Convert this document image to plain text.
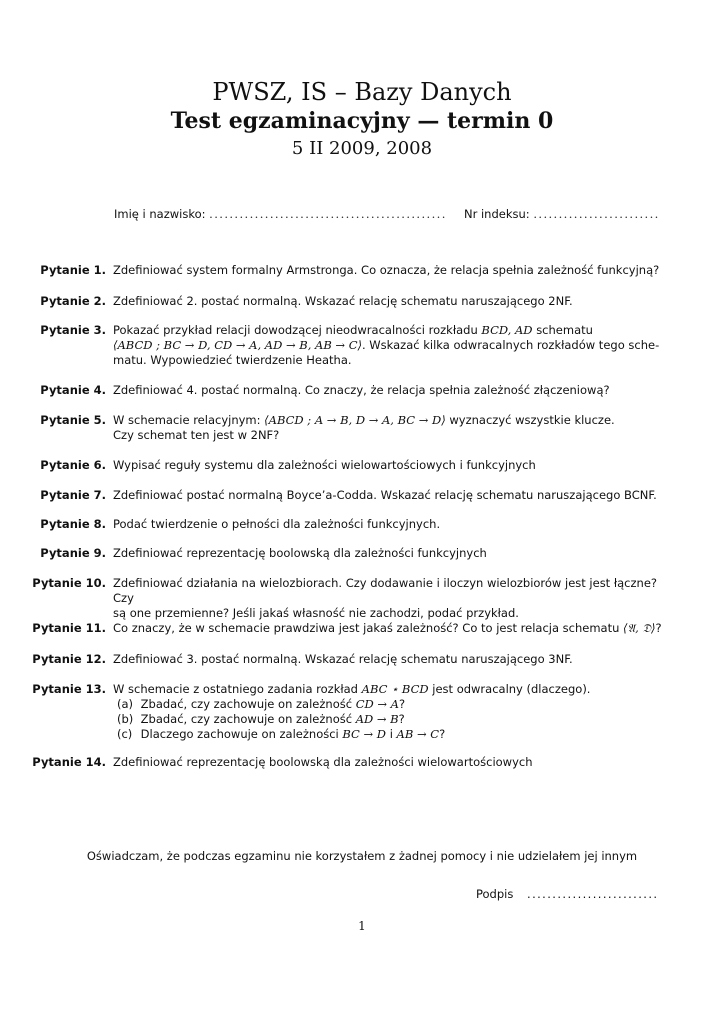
PWSZ, IS – Bazy Danych
Test egzaminacyjny — termin 0
5 II 2009, 2008
Imię i nazwisko: ............................................... Nr indeksu: .........................
Pytanie 1. Zdefiniować system formalny Armstronga. Co oznacza, że relacja spełnia zależność funkcyjną?
Pytanie 2. Zdefiniować 2. postać normalną. Wskazać relację schematu naruszającego 2NF.
Pytanie 3. Pokazać przykład relacji dowodzącej nieodwracalności rozkładu BCD, AD schematu
⟨ABCD ; BC → D, CD → A, AD → B, AB → C⟩. Wskazać kilka odwracalnych rozkładów tego sche-
matu. Wypowiedzieć twierdzenie Heatha.
Pytanie 4. Zdefiniować 4. postać normalną. Co znaczy, że relacja spełnia zależność złączeniową?
Pytanie 5. W schemacie relacyjnym: ⟨ABCD ; A → B, D → A, BC → D⟩ wyznaczyć wszystkie klucze.
Czy schemat ten jest w 2NF?
Pytanie 6. Wypisać reguły systemu dla zależności wielowartościowych i funkcyjnych
Pytanie 7. Zdefiniować postać normalną Boyce’a-Codda. Wskazać relację schematu naruszającego BCNF.
Pytanie 8. Podać twierdzenie o pełności dla zależności funkcyjnych.
Pytanie 9. Zdefiniować reprezentację boolowską dla zależności funkcyjnych
Pytanie 10. Zdefiniować działania na wielozbiorach. Czy dodawanie i iloczyn wielozbiorów jest jest łączne? Czy
są one przemienne? Jeśli jakaś własność nie zachodzi, podać przykład.
Pytanie 11. Co znaczy, że w schemacie prawdziwa jest jakaś zależność? Co to jest relacja schematu ⟨𝔄, 𝔇⟩?
Pytanie 12. Zdefiniować 3. postać normalną. Wskazać relację schematu naruszającego 3NF.
Pytanie 13. W schemacie z ostatniego zadania rozkład ABC ⋆ BCD jest odwracalny (dlaczego).
(a) Zbadać, czy zachowuje on zależność CD → A?
(b) Zbadać, czy zachowuje on zależność AD → B?
(c) Dlaczego zachowuje on zależności BC → D i AB → C?
Pytanie 14. Zdefiniować reprezentację boolowską dla zależności wielowartościowych
Oświadczam, że podczas egzaminu nie korzystałem z żadnej pomocy i nie udzielałem jej innym
Podpis ..........................
1
